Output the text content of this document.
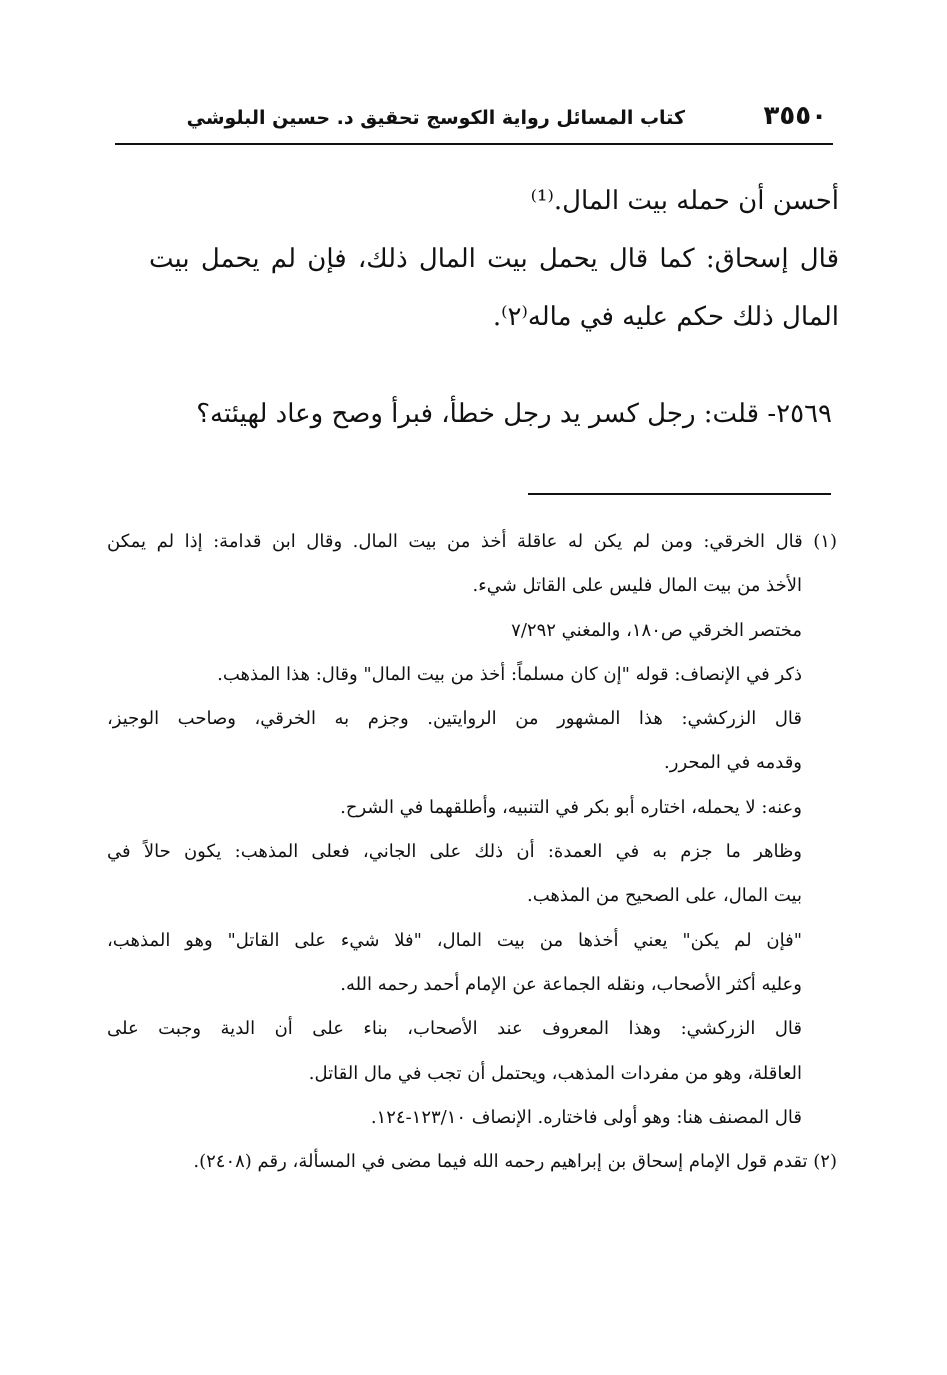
٣٥٥٠
كتاب المسائل رواية الكوسج تحقيق د. حسين البلوشي
أحسن أن حمله بيت المال.⁽¹⁾
قال إسحاق: كما قال يحمل بيت المال ذلك، فإن لم يحمل بيت
المال ذلك حكم عليه في ماله⁽٢⁾.
٢٥٦٩- قلت: رجل كسر يد رجل خطأ، فبرأ وصح وعاد لهيئته؟
(١) قال الخرقي: ومن لم يكن له عاقلة أخذ من بيت المال. وقال ابن قدامة: إذا لم يمكن
الأخذ من بيت المال فليس على القاتل شيء.
مختصر الخرقي ص١٨٠، والمغني ٧/٢٩٢
ذكر في الإنصاف: قوله "إن كان مسلماً: أخذ من بيت المال" وقال: هذا المذهب.
قال الزركشي: هذا المشهور من الروايتين. وجزم به الخرقي، وصاحب الوجيز،
وقدمه في المحرر.
وعنه: لا يحمله، اختاره أبو بكر في التنبيه، وأطلقهما في الشرح.
وظاهر ما جزم به في العمدة: أن ذلك على الجاني، فعلى المذهب: يكون حالاً في
بيت المال، على الصحيح من المذهب.
"فإن لم يكن" يعني أخذها من بيت المال، "فلا شيء على القاتل" وهو المذهب،
وعليه أكثر الأصحاب، ونقله الجماعة عن الإمام أحمد رحمه الله.
قال الزركشي: وهذا المعروف عند الأصحاب، بناء على أن الدية وجبت على
العاقلة، وهو من مفردات المذهب، ويحتمل أن تجب في مال القاتل.
قال المصنف هنا: وهو أولى فاختاره. الإنصاف ١٢٣/١٠-١٢٤.
(٢) تقدم قول الإمام إسحاق بن إبراهيم رحمه الله فيما مضى في المسألة، رقم (٢٤٠٨).
